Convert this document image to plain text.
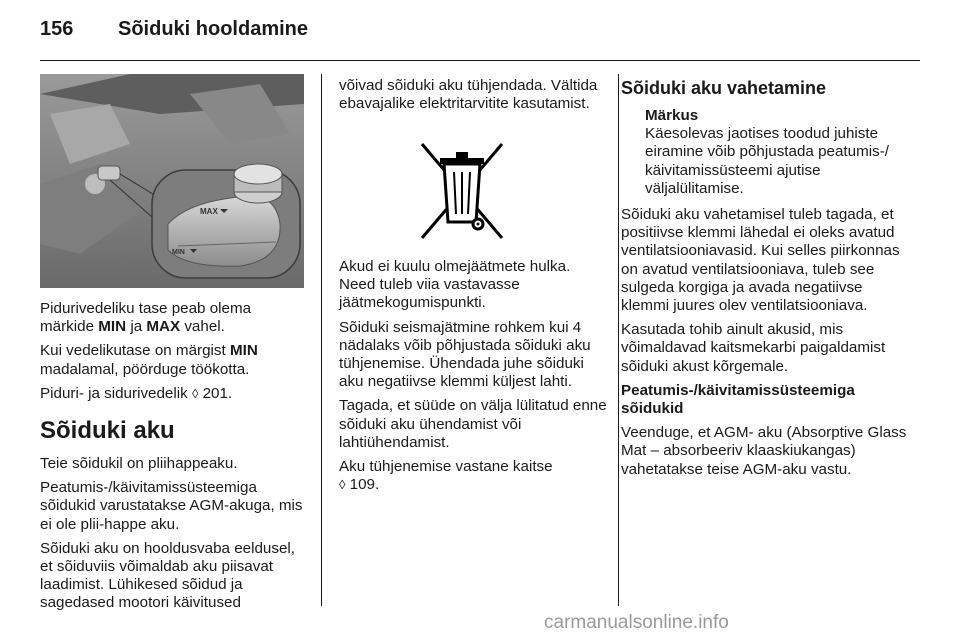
156 Sõiduki hooldamine
MAX
MIN

Pidurivedeliku tase peab olema märkide MIN ja MAX vahel.

Kui vedelikutase on märgist MIN madalamal, pöörduge töökotta.

Piduri- ja sidurivedelik ◊ 201.

Sõiduki aku

Teie sõidukil on pliihappeaku.

Peatumis-/käivitamissüsteemiga sõidukid varustatakse AGM-akuga, mis ei ole plii-happe aku.

Sõiduki aku on hooldusvaba eeldusel, et sõiduviis võimaldab aku piisavat laadimist. Lühikesed sõidud ja sagedased mootori käivitused

võivad sõiduki aku tühjendada. Vältida ebavajalike elektritarvitite kasutamist.

Akud ei kuulu olmejäätmete hulka. Need tuleb viia vastavasse jäätmekogumispunkti.

Sõiduki seismajätmine rohkem kui 4 nädalaks võib põhjustada sõiduki aku tühjenemise. Ühendada juhe sõiduki aku negatiivse klemmi küljest lahti.

Tagada, et süüde on välja lülitatud enne sõiduki aku ühendamist või lahtiühendamist.

Aku tühjenemise vastane kaitse
◊ 109.

Sõiduki aku vahetamine
Märkus
Käesolevas jaotises toodud juhiste eiramine võib põhjustada peatumis-/ käivitamissüsteemi ajutise väljalülitamise.

Sõiduki aku vahetamisel tuleb tagada, et positiivse klemmi lähedal ei oleks avatud ventilatsiooniavasid. Kui selles piirkonnas on avatud ventilatsiooniava, tuleb see sulgeda korgiga ja avada negatiivse klemmi juures olev ventilatsiooniava.

Kasutada tohib ainult akusid, mis võimaldavad kaitsmekarbi paigaldamist sõiduki akust kõrgemale.

Peatumis-/käivitamissüsteemiga sõidukid

Veenduge, et AGM- aku (Absorptive Glass Mat – absorbeeriv klaaskiukangas) vahetatakse teise AGM-aku vastu.

carmanualsonline.info
